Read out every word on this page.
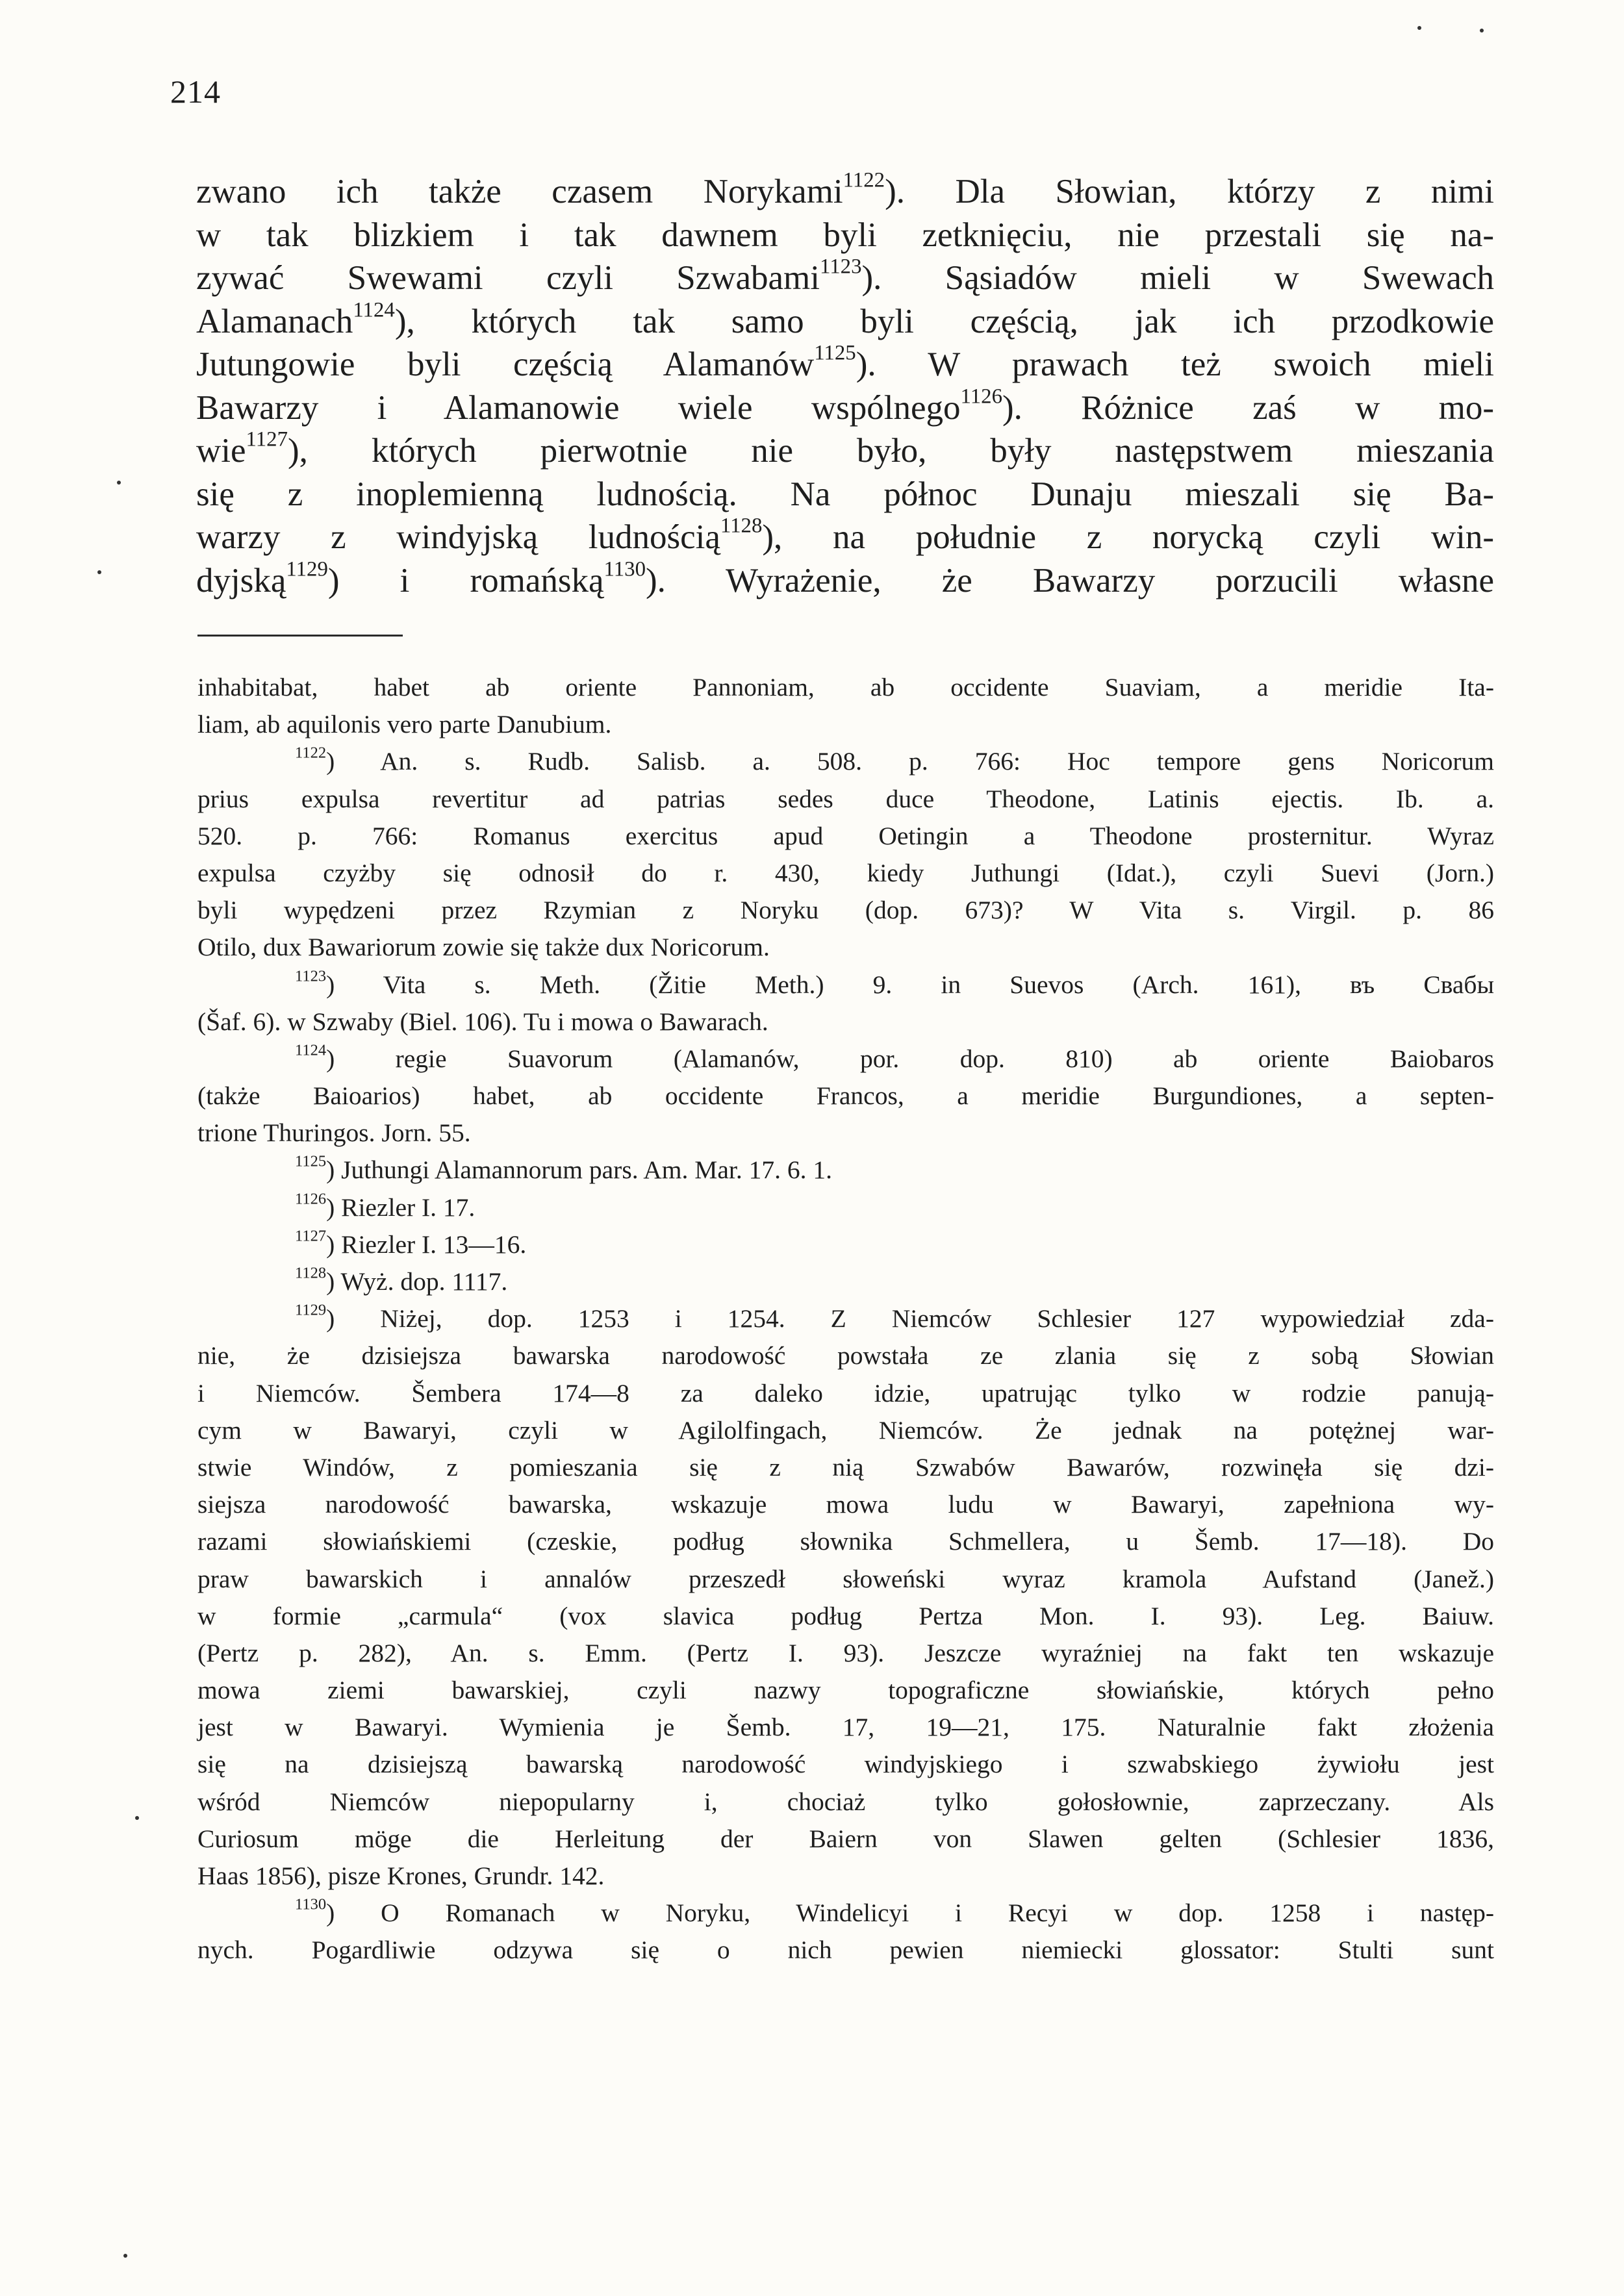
214
zwano ich także czasem Norykami$^{1122}$). Dla Słowian, którzy z nimi
w tak blizkiem i tak dawnem byli zetknięciu, nie przestali się na-
zywać Swewami czyli Szwabami$^{1123}$). Sąsiadów mieli w Swewach
Alamanach$^{1124}$), których tak samo byli częścią, jak ich przodkowie
Jutungowie byli częścią Alamanów$^{1125}$). W prawach też swoich mieli
Bawarzy i Alamanowie wiele wspólnego$^{1126}$). Różnice zaś w mo-
wie$^{1127}$), których pierwotnie nie było, były następstwem mieszania
się z inoplemienną ludnością. Na północ Dunaju mieszali się Ba-
warzy z windyjską ludnością$^{1128}$), na południe z norycką czyli win-
dyjską$^{1129}$) i romańską$^{1130}$). Wyrażenie, że Bawarzy porzucili własne
inhabitabat, habet ab oriente Pannoniam, ab occidente Suaviam, a meridie Ita-
liam, ab aquilonis vero parte Danubium.
$^{1122}$) An. s. Rudb. Salisb. a. 508. p. 766: Hoc tempore gens Noricorum
prius expulsa revertitur ad patrias sedes duce Theodone, Latinis ejectis. Ib. a.
520. p. 766: Romanus exercitus apud Oetingin a Theodone prosternitur. Wyraz
expulsa czyżby się odnosił do r. 430, kiedy Juthungi (Idat.), czyli Suevi (Jorn.)
byli wypędzeni przez Rzymian z Noryku (dop. 673)? W Vita s. Virgil. p. 86
Otilo, dux Bawariorum zowie się także dux Noricorum.
$^{1123}$) Vita s. Meth. (Žitie Meth.) 9. in Suevos (Arch. 161), въ Свабы
(Šaf. 6). w Szwaby (Biel. 106). Tu i mowa o Bawarach.
$^{1124}$) regie Suavorum (Alamanów, por. dop. 810) ab oriente Baiobaros
(także Baioarios) habet, ab occidente Francos, a meridie Burgundiones, a septen-
trione Thuringos. Jorn. 55.
$^{1125}$) Juthungi Alamannorum pars. Am. Mar. 17. 6. 1.
$^{1126}$) Riezler I. 17.
$^{1127}$) Riezler I. 13—16.
$^{1128}$) Wyż. dop. 1117.
$^{1129}$) Niżej, dop. 1253 i 1254. Z Niemców Schlesier 127 wypowiedział zda-
nie, że dzisiejsza bawarska narodowość powstała ze zlania się z sobą Słowian
i Niemców. Šembera 174—8 za daleko idzie, upatrując tylko w rodzie panują-
cym w Bawaryi, czyli w Agilolfingach, Niemców. Że jednak na potężnej war-
stwie Windów, z pomieszania się z nią Szwabów Bawarów, rozwinęła się dzi-
siejsza narodowość bawarska, wskazuje mowa ludu w Bawaryi, zapełniona wy-
razami słowiańskiemi (czeskie, podług słownika Schmellera, u Šemb. 17—18). Do
praw bawarskich i annalów przeszedł słoweński wyraz kramola Aufstand (Janež.)
w formie „carmula“ (vox slavica podług Pertza Mon. I. 93). Leg. Baiuw.
(Pertz p. 282), An. s. Emm. (Pertz I. 93). Jeszcze wyraźniej na fakt ten wskazuje
mowa ziemi bawarskiej, czyli nazwy topograficzne słowiańskie, których pełno
jest w Bawaryi. Wymienia je Šemb. 17, 19—21, 175. Naturalnie fakt złożenia
się na dzisiejszą bawarską narodowość windyjskiego i szwabskiego żywiołu jest
wśród Niemców niepopularny i, chociaż tylko gołosłownie, zaprzeczany. Als
Curiosum möge die Herleitung der Baiern von Slawen gelten (Schlesier 1836,
Haas 1856), pisze Krones, Grundr. 142.
$^{1130}$) O Romanach w Noryku, Windelicyi i Recyi w dop. 1258 i następ-
nych. Pogardliwie odzywa się o nich pewien niemiecki glossator: Stulti sunt
